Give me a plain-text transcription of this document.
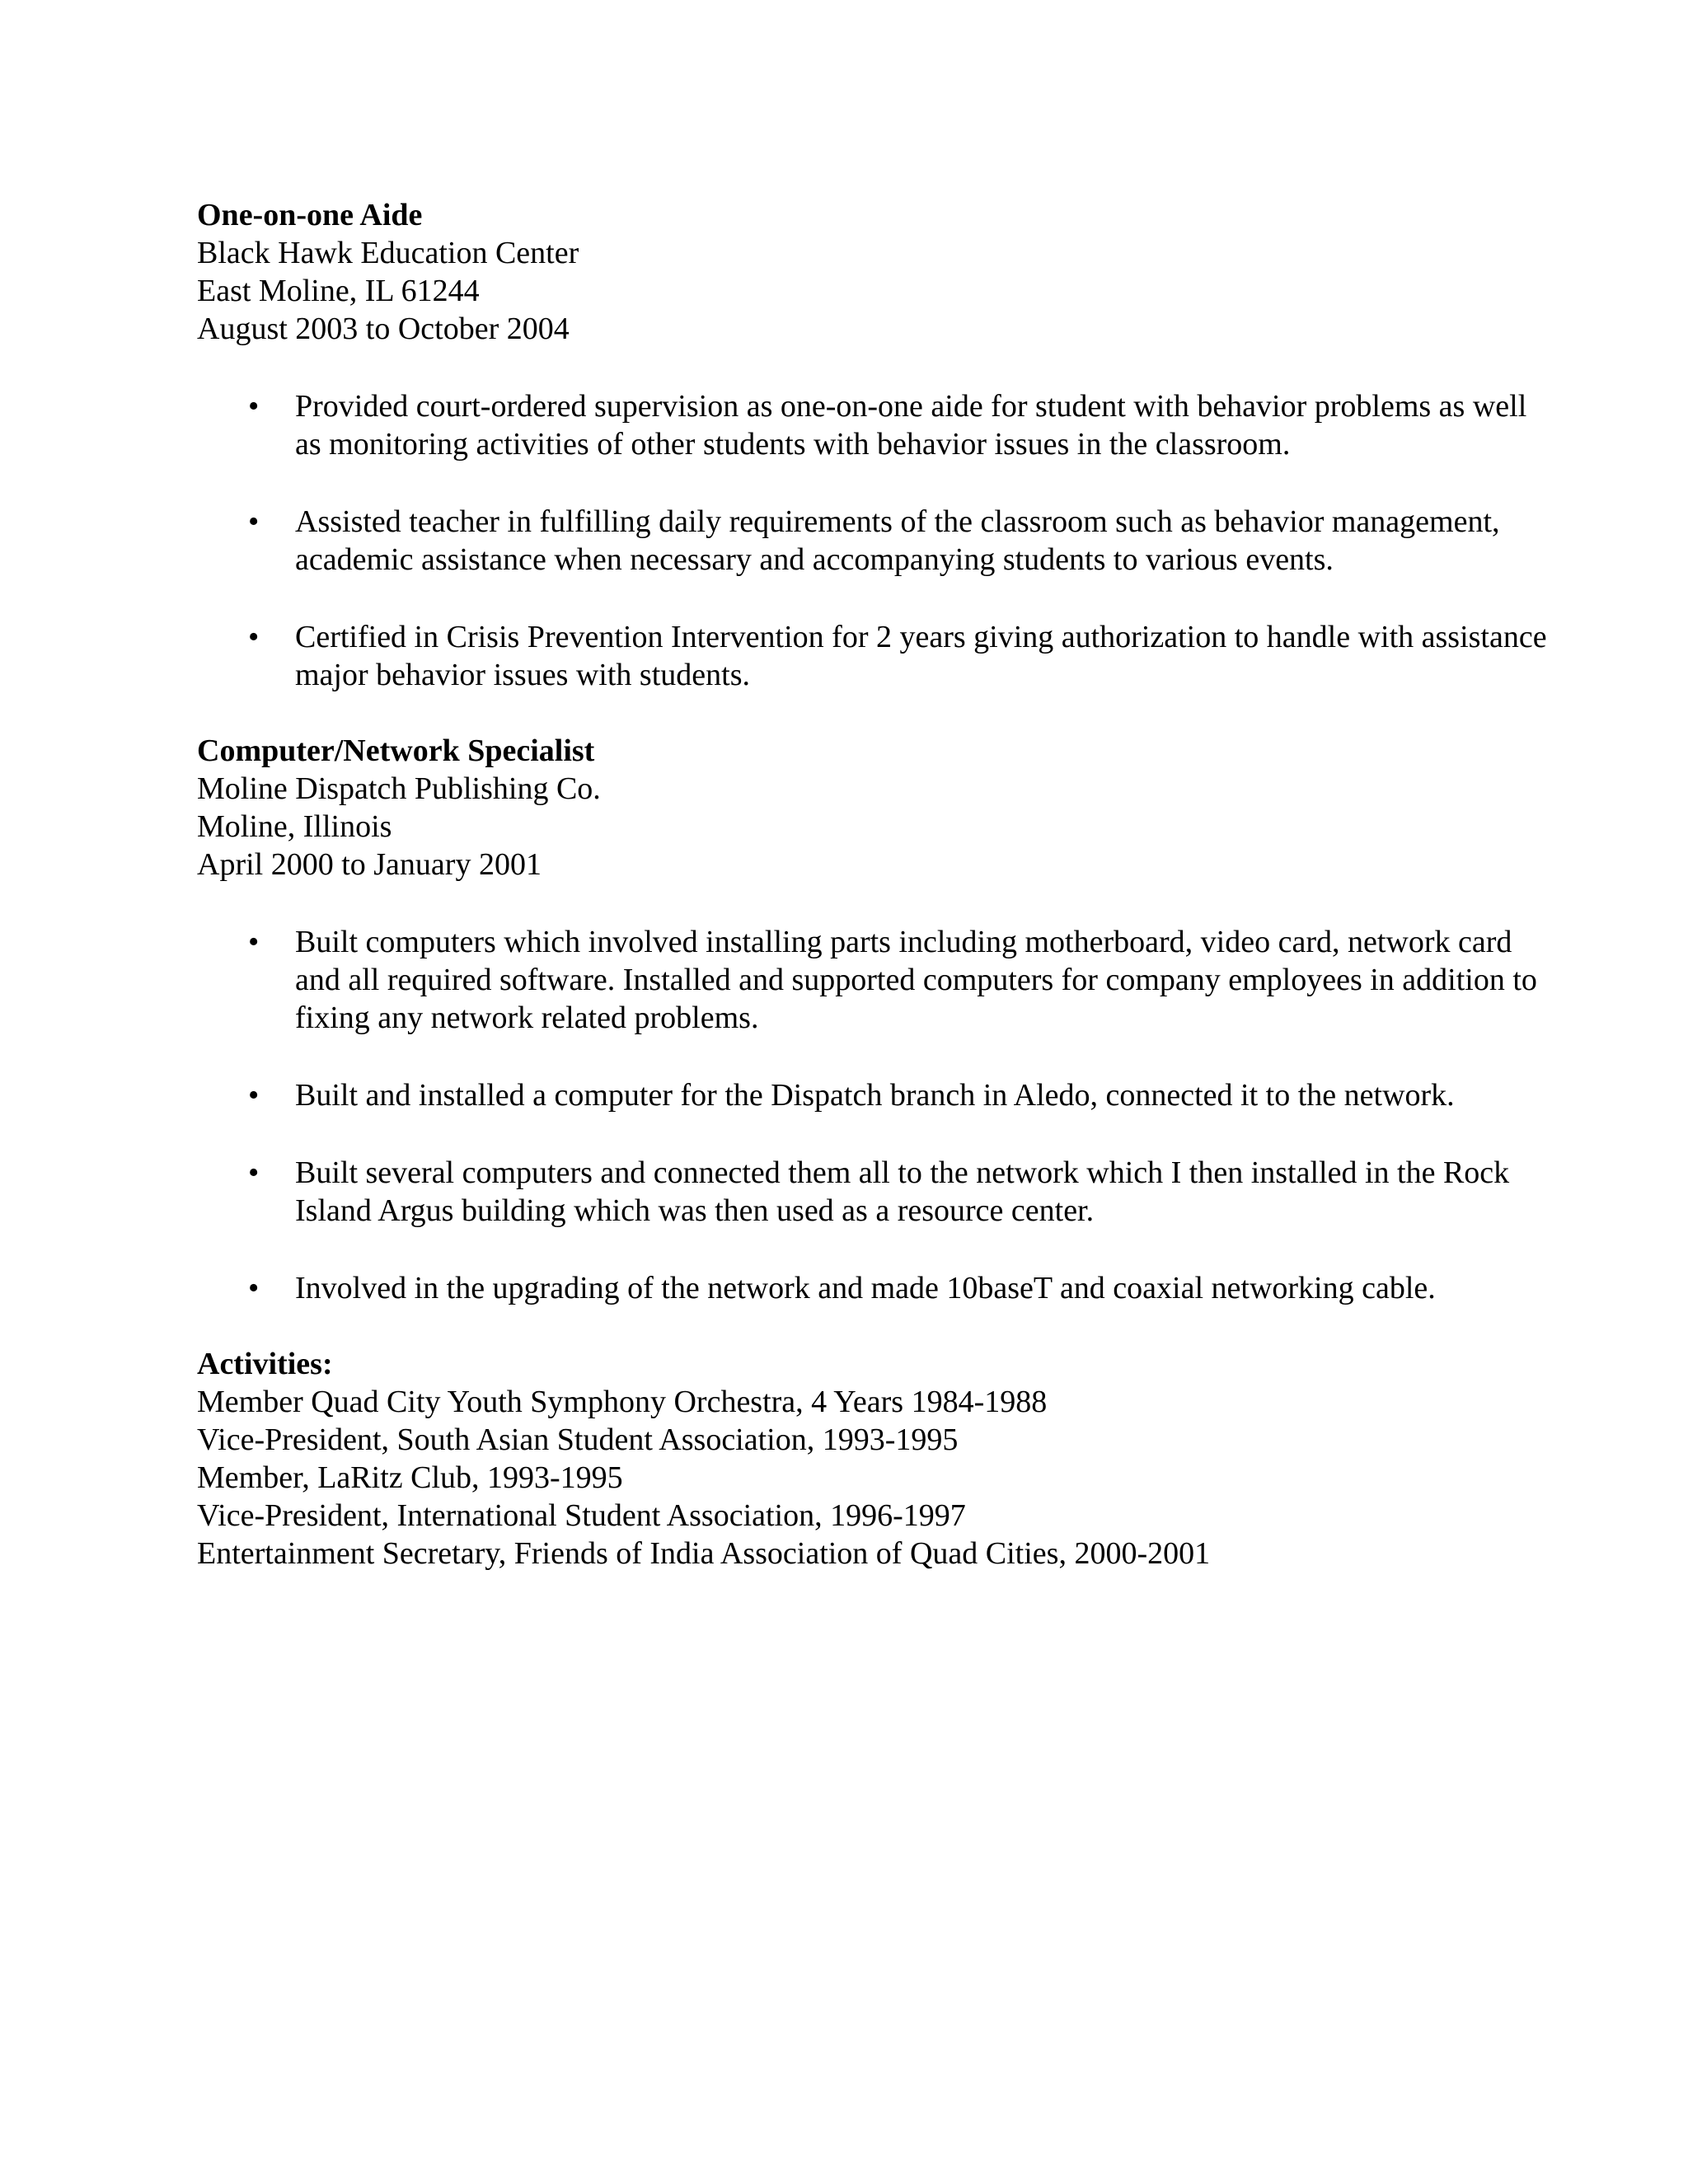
One-on-one Aide
Black Hawk Education Center
East Moline, IL 61244
August 2003 to October 2004
• Provided court-ordered supervision as one-on-one aide for student with behavior problems as well as monitoring activities of other students with behavior issues in the classroom.
• Assisted teacher in fulfilling daily requirements of the classroom such as behavior management, academic assistance when necessary and accompanying students to various events.
• Certified in Crisis Prevention Intervention for 2 years giving authorization to handle with assistance major behavior issues with students.
Computer/Network Specialist
Moline Dispatch Publishing Co.
Moline, Illinois
April 2000 to January 2001
• Built computers which involved installing parts including motherboard, video card, network card and all required software. Installed and supported computers for company employees in addition to fixing any network related problems.
• Built and installed a computer for the Dispatch branch in Aledo, connected it to the network.
• Built several computers and connected them all to the network which I then installed in the Rock Island Argus building which was then used as a resource center.
• Involved in the upgrading of the network and made 10baseT and coaxial networking cable.
Activities:
Member Quad City Youth Symphony Orchestra, 4 Years 1984-1988
Vice-President, South Asian Student Association, 1993-1995
Member, LaRitz Club, 1993-1995
Vice-President, International Student Association, 1996-1997
Entertainment Secretary, Friends of India Association of Quad Cities, 2000-2001
